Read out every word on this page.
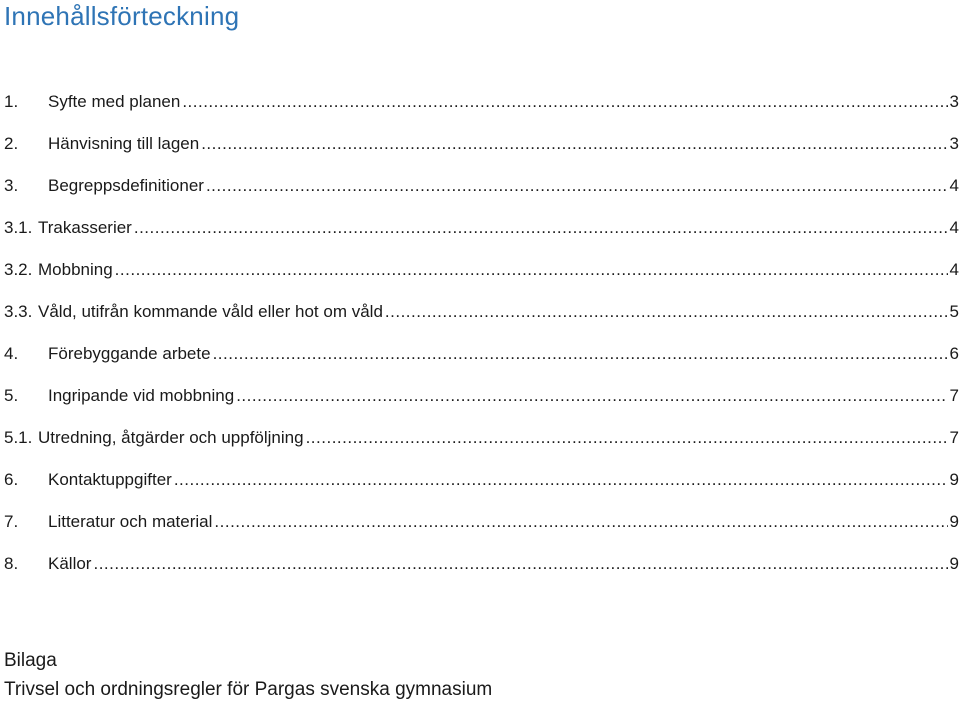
Innehållsförteckning
1.	Syfte med planen .....	3
2.	Hänvisning till lagen .....	3
3.	Begreppsdefinitioner .....	4
3.1. Trakasserier .....	4
3.2. Mobbning .....	4
3.3. Våld, utifrån kommande våld eller hot om våld .....	5
4.	Förebyggande arbete .....	6
5.	Ingripande vid mobbning .....	7
5.1. Utredning, åtgärder och uppföljning .....	7
6.	Kontaktuppgifter .....	9
7.	Litteratur och material .....	9
8.	Källor .....	9
Bilaga
Trivsel och ordningsregler för Pargas svenska gymnasium
